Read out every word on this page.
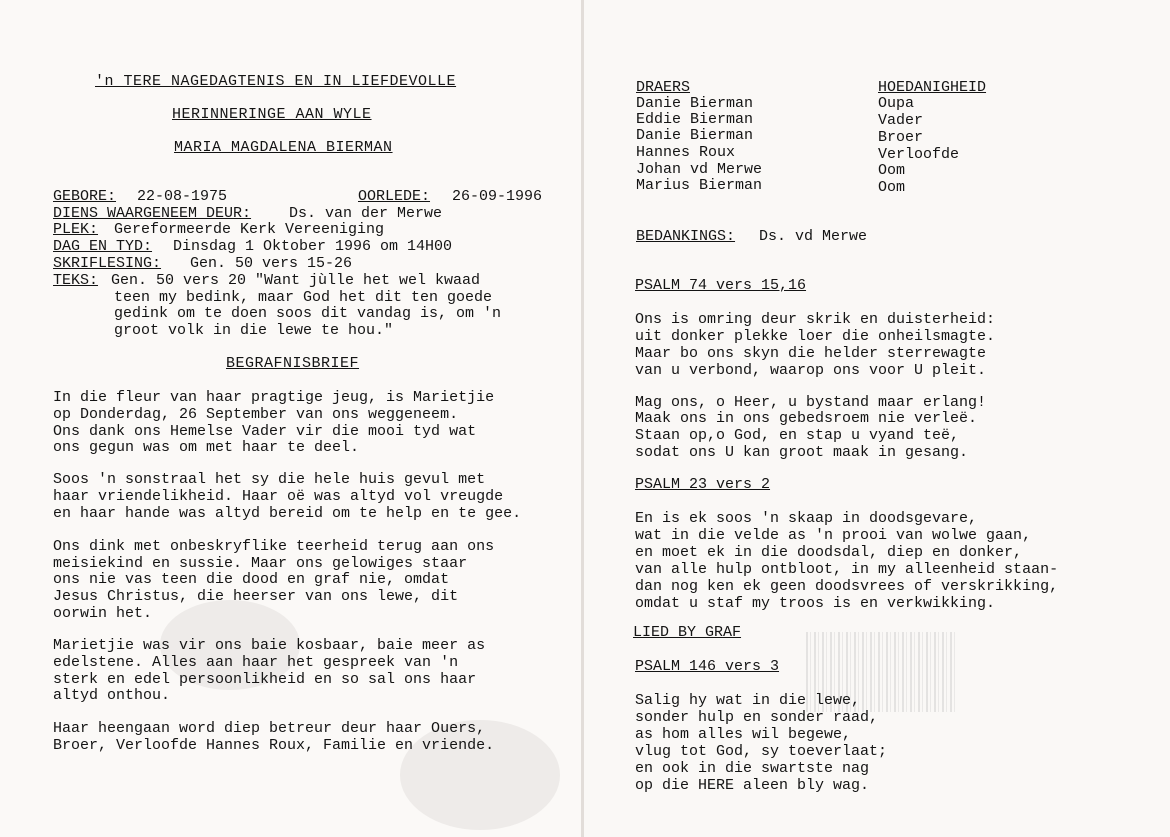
'n TERE NAGEDAGTENIS EN IN LIEFDEVOLLE
HERINNERINGE AAN WYLE
MARIA MAGDALENA BIERMAN
GEBORE: 22-08-1975	OORLEDE: 26-09-1996
DIENS WAARGENEEM DEUR:	Ds. van der Merwe
PLEK: Gereformeerde Kerk Vereeniging
DAG EN TYD: Dinsdag 1 Oktober 1996 om 14H00
SKRIFLESING: Gen. 50 vers 15-26
TEKS: Gen. 50 vers 20 "Want jùlle het wel kwaad
teen my bedink, maar God het dit ten goede
gedink om te doen soos dit vandag is, om 'n
groot volk in die lewe te hou."
BEGRAFNISBRIEF
In die fleur van haar pragtige jeug, is Marietjie
op Donderdag, 26 September van ons weggeneem.
Ons dank ons Hemelse Vader vir die mooi tyd wat
ons gegun was om met haar te deel.
Soos 'n sonstraal het sy die hele huis gevul met
haar vriendelikheid. Haar oë was altyd vol vreugde
en haar hande was altyd bereid om te help en te gee.
Ons dink met onbeskryflike teerheid terug aan ons
meisiekind en sussie. Maar ons gelowiges staar
ons nie vas teen die dood en graf nie, omdat
Jesus Christus, die heerser van ons lewe, dit
oorwin het.
Marietjie was vir ons baie kosbaar, baie meer as
edelstene. Alles aan haar het gespreek van 'n
sterk en edel persoonlikheid en so sal ons haar
altyd onthou.
Haar heengaan word diep betreur deur haar Ouers,
Broer, Verloofde Hannes Roux, Familie en vriende.
DRAERS	HOEDANIGHEID
Danie Bierman	Oupa
Eddie Bierman	Vader
Danie Bierman	Broer
Hannes Roux	Verloofde
Johan vd Merwe	Oom
Marius Bierman	Oom
BEDANKINGS: Ds. vd Merwe
PSALM 74 vers 15,16
Ons is omring deur skrik en duisterheid:
uit donker plekke loer die onheilsmagte.
Maar bo ons skyn die helder sterrewagte
van u verbond, waarop ons voor U pleit.
Mag ons, o Heer, u bystand maar erlang!
Maak ons in ons gebedsroem nie verleë.
Staan op,o God, en stap u vyand teë,
sodat ons U kan groot maak in gesang.
PSALM 23 vers 2
En is ek soos 'n skaap in doodsgevare,
wat in die velde as 'n prooi van wolwe gaan,
en moet ek in die doodsdal, diep en donker,
van alle hulp ontbloot, in my alleenheid staan-
dan nog ken ek geen doodsvrees of verskrikking,
omdat u staf my troos is en verkwikking.
LIED BY GRAF
PSALM 146 vers 3
Salig hy wat in die lewe,
sonder hulp en sonder raad,
as hom alles wil begewe,
vlug tot God, sy toeverlaat;
en ook in die swartste nag
op die HERE aleen bly wag.
